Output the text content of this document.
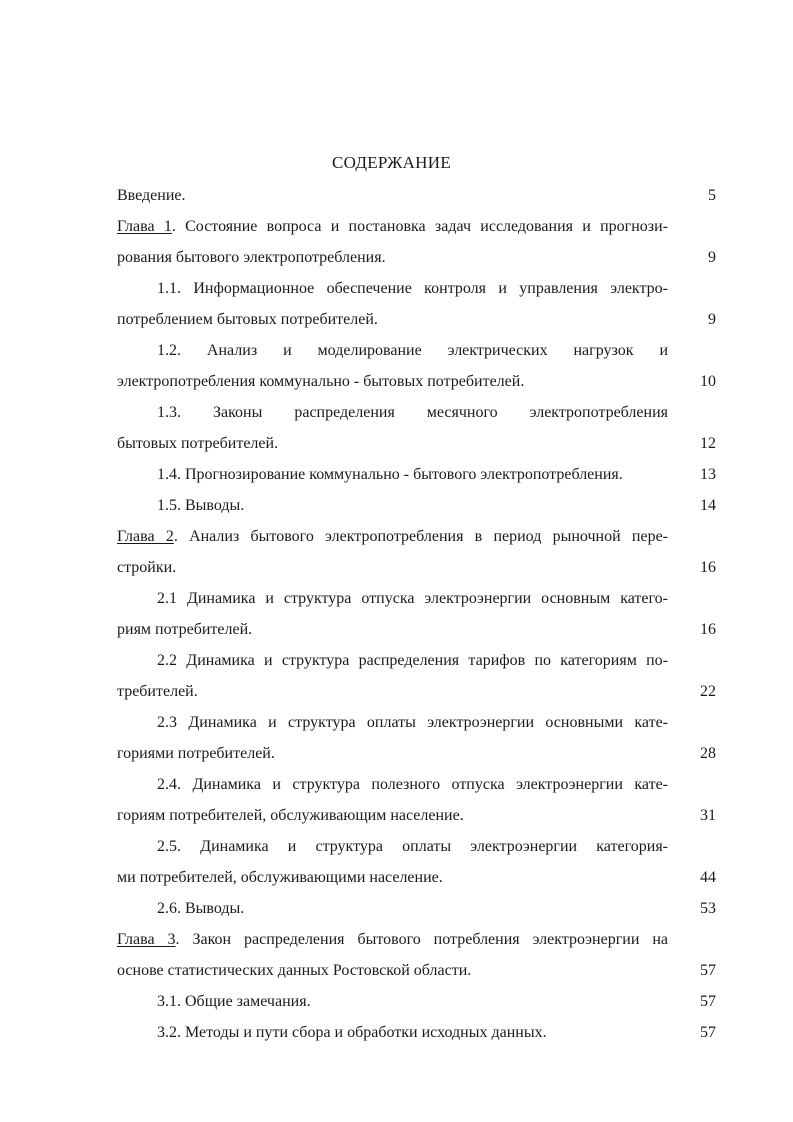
СОДЕРЖАНИЕ
Введение.	5
Глава 1. Состояние вопроса и постановка задач исследования и прогнози-
рования бытового электропотребления.	9
1.1. Информационное обеспечение контроля и управления электро-
потреблением бытовых потребителей.	9
1.2. Анализ и моделирование электрических нагрузок и
электропотребления коммунально - бытовых потребителей.	10
1.3. Законы распределения месячного электропотребления
бытовых потребителей.	12
1.4. Прогнозирование коммунально - бытового электропотребления.	13
1.5. Выводы.	14
Глава 2. Анализ бытового электропотребления в период рыночной пере-
стройки.	16
2.1 Динамика и структура отпуска электроэнергии основным катего-
риям потребителей.	16
2.2 Динамика и структура распределения тарифов по категориям по-
требителей.	22
2.3 Динамика и структура оплаты электроэнергии основными кате-
гориями потребителей.	28
2.4. Динамика и структура полезного отпуска электроэнергии кате-
гориям потребителей, обслуживающим население.	31
2.5. Динамика и структура оплаты электроэнергии категория-
ми потребителей, обслуживающими население.	44
2.6. Выводы.	53
Глава 3. Закон распределения бытового потребления электроэнергии на
основе статистических данных Ростовской области.	57
3.1. Общие замечания.	57
3.2. Методы и пути сбора и обработки исходных данных.	57
